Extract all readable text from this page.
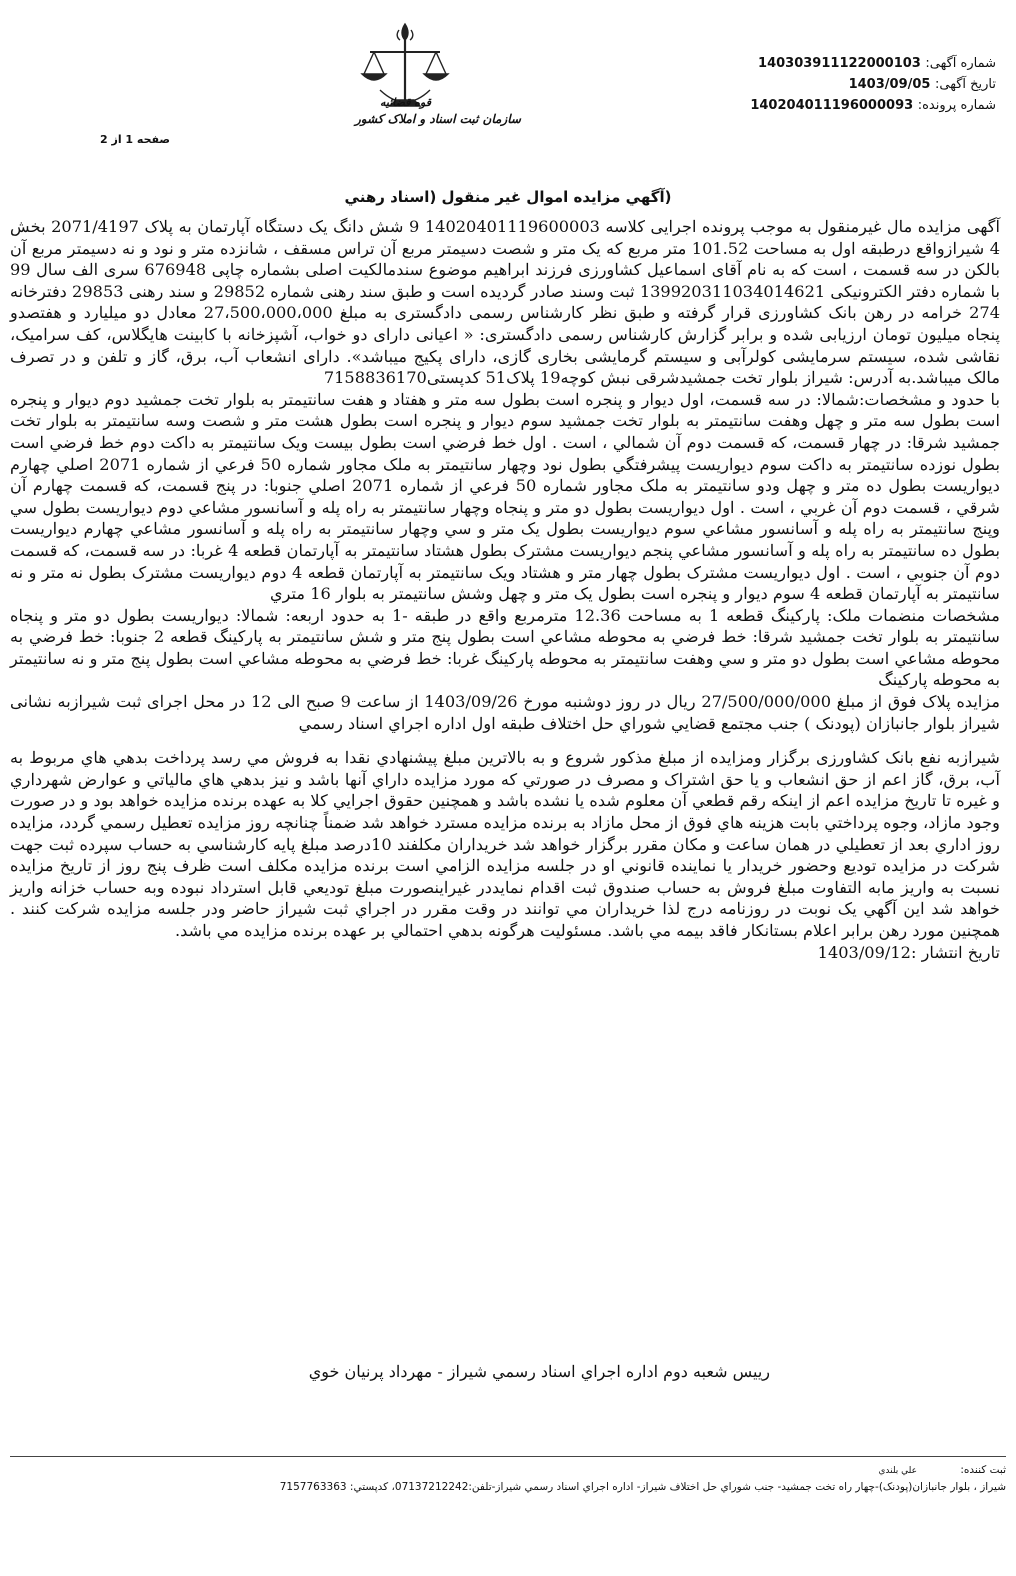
قوه قضائیه
سازمان ثبت اسناد و املاک کشور
شماره آگهی: 140303911122000103
تاریخ آگهی: 1403/09/05
شماره پرونده: 140204011196000093
صفحه 1 از 2
(آگهي مزايده اموال غير منقول (اسناد رهني

آگهی مزایده مال غیرمنقول به موجب پرونده اجرایی کلاسه 14020401119600003 9 شش دانگ یک دستگاه آپارتمان به پلاک 2071/4197 بخش 4 شیرازواقع درطبقه اول به مساحت 101.52 متر مربع که یک متر و شصت دسیمتر مربع آن تراس مسقف ، شانزده متر و نود و نه دسیمتر مربع آن بالکن در سه قسمت ، است که به نام آقای اسماعیل کشاورزی فرزند ابراهیم موضوع سندمالکیت اصلی بشماره چاپی 676948 سری الف سال 99 با شماره دفتر الکترونیکی 139920311034014621 ثبت وسند صادر گردیده است و طبق سند رهنی شماره 29852 و سند رهنی 29853 دفترخانه 274 خرامه در رهن بانک کشاورزی قرار گرفته و طبق نظر کارشناس رسمی دادگستری به مبلغ 27،500،000،000 معادل دو میلیارد و هفتصدو پنجاه میلیون تومان ارزیابی شده و برابر گزارش کارشناس رسمی دادگستری: « اعیانی دارای دو خواب، آشپزخانه با کابینت هایگلاس، کف سرامیک، نقاشی شده، سیستم سرمایشی کولرآبی و سیستم گرمایشی بخاری گازی، دارای پکیج میباشد». دارای انشعاب آب، برق، گاز و تلفن و در تصرف مالک میباشد.به آدرس: شیراز بلوار تخت جمشیدشرقی نبش کوچه19 پلاک51 کدپستی7158836170

با حدود و مشخصات:شمالا: در سه قسمت، اول دیوار و پنجره است بطول سه متر و هفتاد و هفت سانتیمتر به بلوار تخت جمشید دوم دیوار و پنجره است بطول سه متر و چهل وهفت سانتیمتر به بلوار تخت جمشید سوم دیوار و پنجره است بطول هشت متر و شصت وسه سانتیمتر به بلوار تخت جمشید شرقا: در چهار قسمت، که قسمت دوم آن شمالي ، است . اول خط فرضي است بطول بيست ويک سانتيمتر به داکت دوم خط فرضي است بطول نوزده سانتيمتر به داکت سوم ديواريست پيشرفتگي بطول نود وچهار سانتيمتر به ملک مجاور شماره 50 فرعي از شماره 2071 اصلي چهارم ديواريست بطول ده متر و چهل ودو سانتيمتر به ملک مجاور شماره 50 فرعي از شماره 2071 اصلي جنوبا: در پنج قسمت، که قسمت چهارم آن شرقي ، قسمت دوم آن غربي ، است . اول ديواريست بطول دو متر و پنجاه وچهار سانتيمتر به راه پله و آسانسور مشاعي دوم ديواريست بطول سي وپنج سانتيمتر به راه پله و آسانسور مشاعي سوم ديواريست بطول يک متر و سي وچهار سانتيمتر به راه پله و آسانسور مشاعي چهارم ديواريست بطول ده سانتيمتر به راه پله و آسانسور مشاعي پنجم ديواريست مشترک بطول هشتاد سانتيمتر به آپارتمان قطعه 4 غربا: در سه قسمت، که قسمت دوم آن جنوبي ، است . اول ديواريست مشترک بطول چهار متر و هشتاد ويک سانتيمتر به آپارتمان قطعه 4 دوم ديواريست مشترک بطول نه متر و نه سانتيمتر به آپارتمان قطعه 4 سوم ديوار و پنجره است بطول يک متر و چهل وشش سانتيمتر به بلوار 16 متري

مشخصات منضمات ملک: پارکينگ قطعه 1 به مساحت 12.36 مترمربع واقع در طبقه -1 به حدود اربعه: شمالا: ديواريست بطول دو متر و پنجاه سانتيمتر به بلوار تخت جمشيد شرقا: خط فرضي به محوطه مشاعي است بطول پنج متر و شش سانتيمتر به پارکينگ قطعه 2 جنوبا: خط فرضي به محوطه مشاعي است بطول دو متر و سي وهفت سانتيمتر به محوطه پارکينگ غربا: خط فرضي به محوطه مشاعي است بطول پنج متر و نه سانتيمتر به محوطه پارکينگ

مزايده پلاک فوق از مبلغ 27/500/000/000 ريال در روز دوشنبه مورخ 1403/09/26 از ساعت 9 صبح الی 12 در محل اجرای ثبت شیرازبه نشانی شیراز بلوار جانبازان (پودنک ) جنب مجتمع قضايي شوراي حل اختلاف طبقه اول اداره اجراي اسناد رسمي

شيرازبه نفع بانک کشاورزی برگزار ومزايده از مبلغ مذکور شروع و به بالاترين مبلغ پيشنهادي نقدا به فروش مي رسد پرداخت بدهي هاي مربوط به آب، برق، گاز اعم از حق انشعاب و يا حق اشتراک و مصرف در صورتي که مورد مزايده داراي آنها باشد و نيز بدهي هاي مالياتي و عوارض شهرداري و غيره تا تاريخ مزايده اعم از اينکه رقم قطعي آن معلوم شده يا نشده باشد و همچنين حقوق اجرايي کلا به عهده برنده مزايده خواهد بود و در صورت وجود مازاد، وجوه پرداختي بابت هزينه هاي فوق از محل مازاد به برنده مزايده مسترد خواهد شد ضمناً چنانچه روز مزايده تعطيل رسمي گردد، مزايده روز اداري بعد از تعطيلي در همان ساعت و مکان مقرر برگزار خواهد شد خريداران مکلفند 10درصد مبلغ پايه کارشناسي به حساب سپرده ثبت جهت شرکت در مزايده توديع وحضور خريدار يا نماينده قانوني او در جلسه مزايده الزامي است برنده مزايده مکلف است ظرف پنج روز از تاريخ مزايده نسبت به واريز مابه التفاوت مبلغ فروش به حساب صندوق ثبت اقدام نمايددر غيراينصورت مبلغ توديعي قابل استرداد نبوده وبه حساب خزانه واريز خواهد شد اين آگهي يک نوبت در روزنامه درج لذا خريداران مي توانند در وقت مقرر در اجراي ثبت شيراز حاضر ودر جلسه مزايده شرکت کنند . همچنين مورد رهن برابر اعلام بستانکار فاقد بيمه مي باشد. مسئوليت هرگونه بدهي احتمالي بر عهده برنده مزايده مي باشد.

تاریخ انتشار :1403/09/12

رييس شعبه دوم اداره اجراي اسناد رسمي شيراز - مهرداد پرنيان خوي
ثبت کننده: علي بلندي
شيراز ، بلوار جانبازان(پودنک)-چهار راه تخت جمشيد- جنب شوراي حل اختلاف شيراز- اداره اجراي اسناد رسمي شيراز-تلفن:07137212242، کدپستي: 7157763363
